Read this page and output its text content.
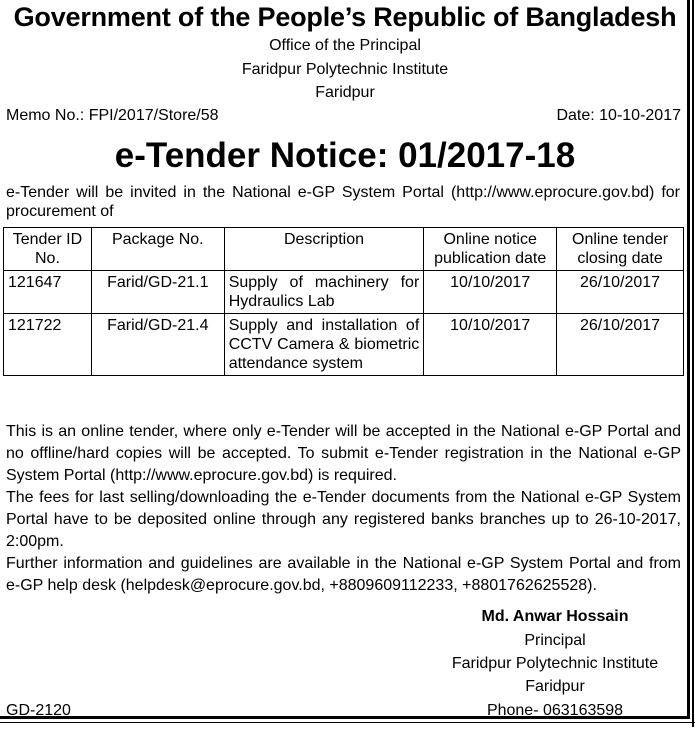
Government of the People’s Republic of Bangladesh
Office of the Principal
Faridpur Polytechnic Institute
Faridpur
Memo No.: FPI/2017/Store/58	Date: 10-10-2017
e-Tender Notice: 01/2017-18
e-Tender will be invited in the National e-GP System Portal (http://www.eprocure.gov.bd) for procurement of
Tender ID No.	Package No.	Description	Online notice publication date	Online tender closing date
121647	Farid/GD-21.1	Supply of machinery for Hydraulics Lab	10/10/2017	26/10/2017
121722	Farid/GD-21.4	Supply and installation of CCTV Camera & biometric attendance system	10/10/2017	26/10/2017

This is an online tender, where only e-Tender will be accepted in the National e-GP Portal and no offline/hard copies will be accepted. To submit e-Tender registration in the National e-GP System Portal (http://www.eprocure.gov.bd) is required.

The fees for last selling/downloading the e-Tender documents from the National e-GP System Portal have to be deposited online through any registered banks branches up to 26-10-2017, 2:00pm.

Further information and guidelines are available in the National e-GP System Portal and from e-GP help desk (helpdesk@eprocure.gov.bd, +8809609112233, +8801762625528).

Md. Anwar Hossain
Principal
Faridpur Polytechnic Institute
Faridpur
Phone- 063163598
GD-2120
